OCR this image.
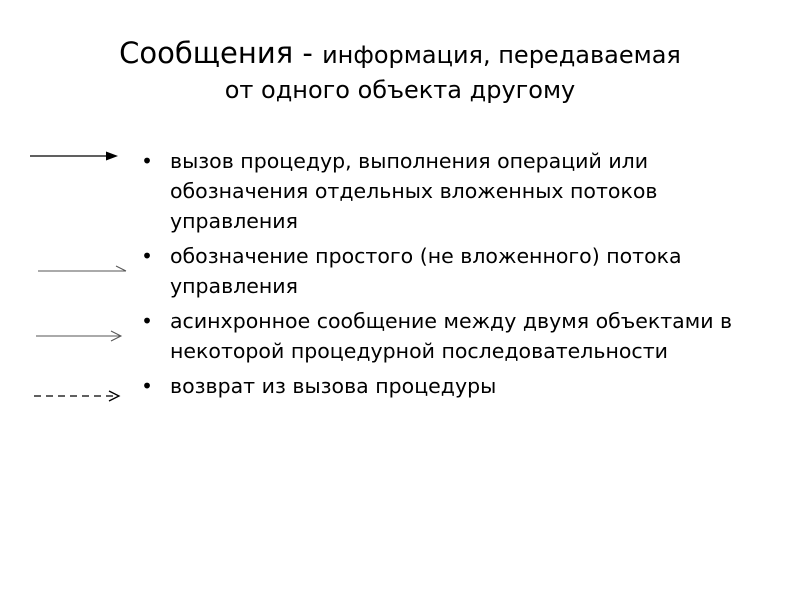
Сообщения - информация, передаваемая
от одного объекта другому
• вызов процедур, выполнения операций или обозначения отдельных вложенных потоков управления
• обозначение простого (не вложенного) потока управления
• асинхронное сообщение между двумя объектами в некоторой процедурной последовательности
• возврат из вызова процедуры
